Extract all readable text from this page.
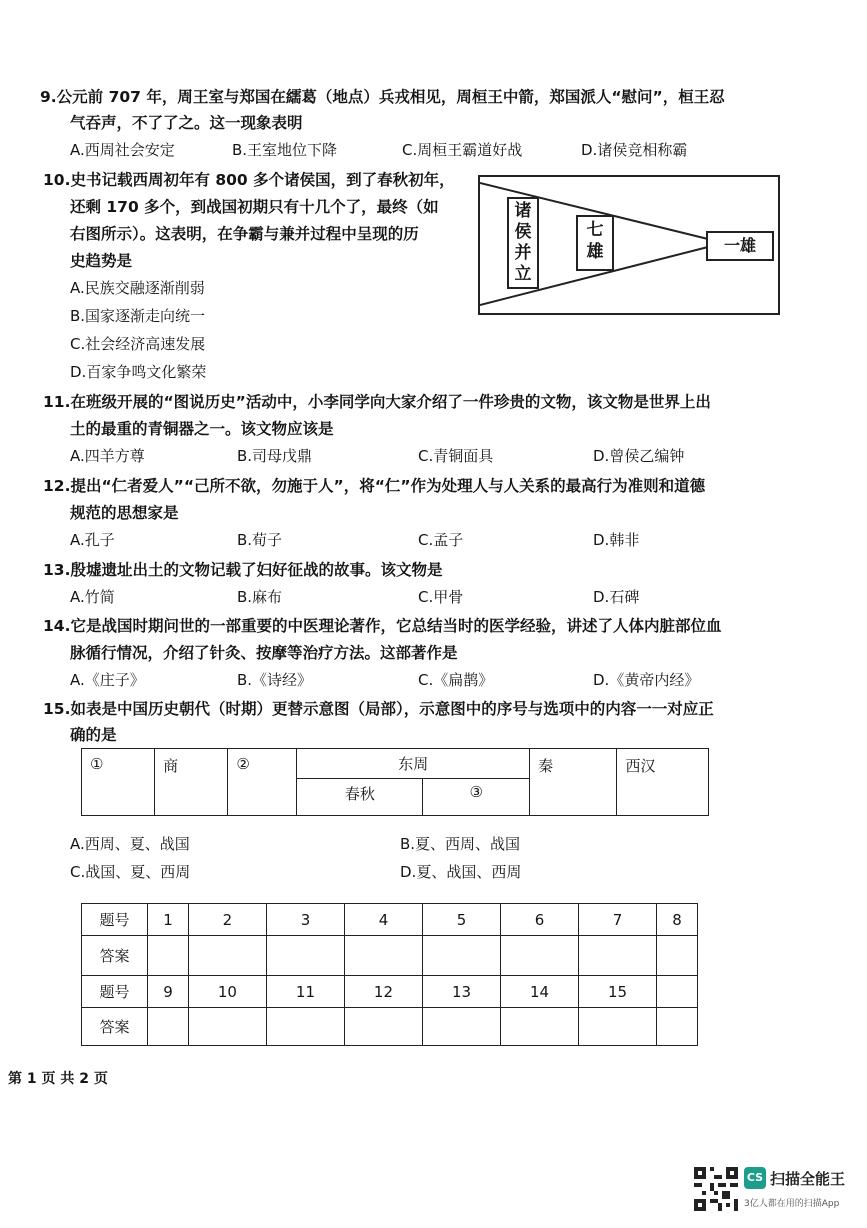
9.公元前 707 年，周王室与郑国在繻葛（地点）兵戎相见，周桓王中箭，郑国派人“慰问”，桓王忍
气吞声，不了了之。这一现象表明
A.西周社会安定	B.王室地位下降	C.周桓王霸道好战	D.诸侯竞相称霸
10.史书记载西周初年有 800 多个诸侯国，到了春秋初年，
还剩 170 多个，到战国初期只有十几个了，最终（如
右图所示）。这表明，在争霸与兼并过程中呈现的历
史趋势是
A.民族交融逐渐削弱
B.国家逐渐走向统一
C.社会经济高速发展
D.百家争鸣文化繁荣
诸侯并立
七雄	一雄
11.在班级开展的“图说历史”活动中，小李同学向大家介绍了一件珍贵的文物，该文物是世界上出
土的最重的青铜器之一。该文物应该是
A.四羊方尊	B.司母戊鼎	C.青铜面具	D.曾侯乙编钟
12.提出“仁者爱人”“己所不欲，勿施于人”，将“仁”作为处理人与人关系的最高行为准则和道德
规范的思想家是
A.孔子	B.荀子	C.孟子	D.韩非
13.殷墟遗址出土的文物记载了妇好征战的故事。该文物是
A.竹简	B.麻布	C.甲骨	D.石碑
14.它是战国时期问世的一部重要的中医理论著作，它总结当时的医学经验，讲述了人体内脏部位血
脉循行情况，介绍了针灸、按摩等治疗方法。这部著作是
A.《庄子》	B.《诗经》	C.《扁鹊》	D.《黄帝内经》
15.如表是中国历史朝代（时期）更替示意图（局部），示意图中的序号与选项中的内容一一对应正
确的是
①	商	②	东周		秦	西汉
			春秋	③		
A.西周、夏、战国	B.夏、西周、战国
C.战国、夏、西周	D.夏、战国、西周
题号	1	2	3	4	5	6	7	8
答案								
题号	9	10	11	12	13	14	15	
答案								
第 1 页 共 2 页
CS 扫描全能王
3亿人都在用的扫描App
